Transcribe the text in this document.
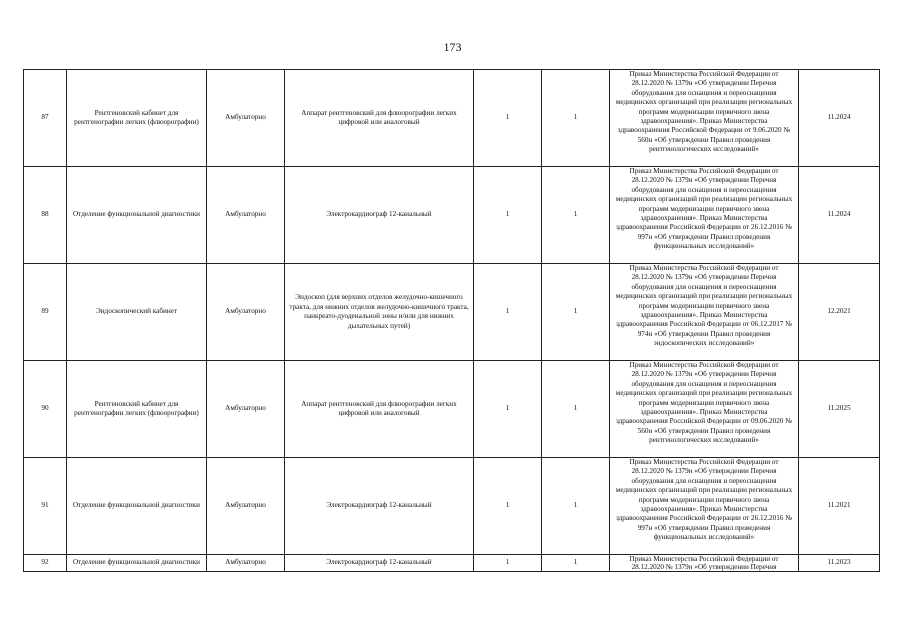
173
87	Рентгеновский кабинет для рентгенографии легких (флюорографии)	Амбулаторно	Аппарат рентгеновский для флюорографии легких цифровой или аналоговый	1	1	Приказ Министерства Российской Федерации от 28.12.2020 № 1379н «Об утверждении Перечня оборудования для оснащения и переоснащения медицинских организаций при реализации региональных программ модернизации первичного звена здравоохранения». Приказ Министерства здравоохранения Российской Федерации от 9.06.2020 № 560н «Об утверждении Правил проведения рентгенологических исследований»	11.2024
88	Отделение функциональной диагностики	Амбулаторно	Электрокардиограф 12-канальный	1	1	Приказ Министерства Российской Федерации от 28.12.2020 № 1379н «Об утверждении Перечня оборудования для оснащения и переоснащения медицинских организаций при реализации региональных программ модернизации первичного звена здравоохранения». Приказ Министерства здравоохранения Российской Федерации от 26.12.2016 № 997н «Об утверждении Правил проведения функциональных исследований»	11.2024
89	Эндоскопический кабинет	Амбулаторно	Эндоскоп (для верхних отделов желудочно-кишечного тракта, для нижних отделов желудочно-кишечного тракта, панкреато-дуоденальной зоны и/или для нижних дыхательных путей)	1	1	Приказ Министерства Российской Федерации от 28.12.2020 № 1379н «Об утверждении Перечня оборудования для оснащения и переоснащения медицинских организаций при реализации региональных программ модернизации первичного звена здравоохранения». Приказ Министерства здравоохранения Российской Федерации от 06.12.2017 № 974н «Об утверждении Правил проведения эндоскопических исследований»	12.2021
90	Рентгеновский кабинет для рентгенографии легких (флюорографии)	Амбулаторно	Аппарат рентгеновский для флюорографии легких цифровой или аналоговый	1	1	Приказ Министерства Российской Федерации от 28.12.2020 № 1379н «Об утверждении Перечня оборудования для оснащения и переоснащения медицинских организаций при реализации региональных программ модернизации первичного звена здравоохранения». Приказ Министерства здравоохранения Российской Федерации от 09.06.2020 № 560н «Об утверждении Правил проведения рентгенологических исследований»	11.2025
91	Отделение функциональной диагностики	Амбулаторно	Электрокардиограф 12-канальный	1	1	Приказ Министерства Российской Федерации от 28.12.2020 № 1379н «Об утверждении Перечня оборудования для оснащения и переоснащения медицинских организаций при реализации региональных программ модернизации первичного звена здравоохранения». Приказ Министерства здравоохранения Российской Федерации от 26.12.2016 № 997н «Об утверждении Правил проведения функциональных исследований»	11.2021
92	Отделение функциональной диагностики	Амбулаторно	Электрокардиограф 12-канальный	1	1	Приказ Министерства Российской Федерации от 28.12.2020 № 1379н «Об утверждении Перечня	11.2023
